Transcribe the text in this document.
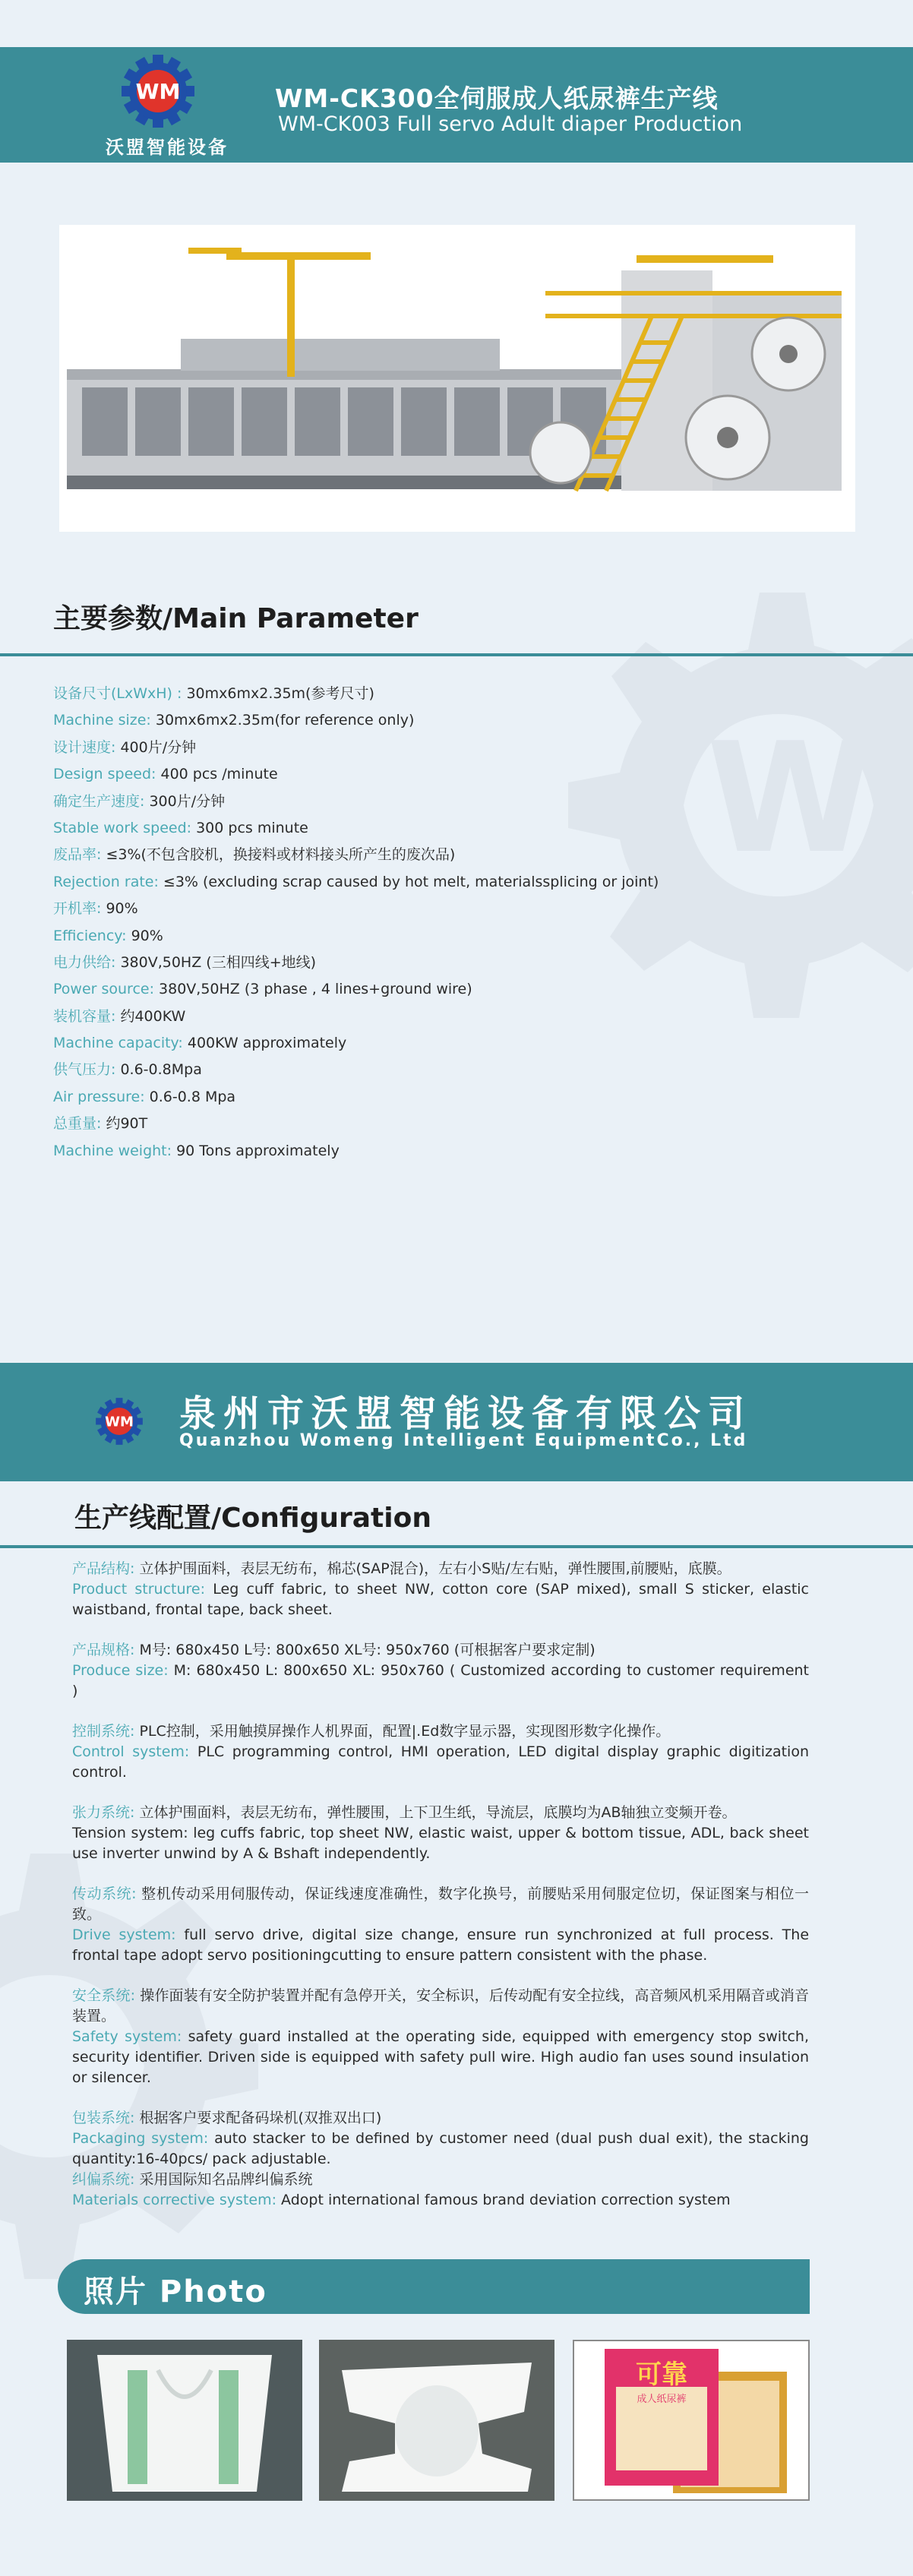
W
WM
沃盟智能设备
WM-CK300全伺服成人纸尿裤生产线
WM-CK003 Full servo Adult diaper Production
主要参数/Main Parameter
设备尺寸(LxWxH) : 30mx6mx2.35m(参考尺寸)
Machine size: 30mx6mx2.35m(for reference only)
设计速度: 400片/分钟
Design speed: 400 pcs /minute
确定生产速度: 300片/分钟
Stable work speed: 300 pcs minute
废品率: ≤3%(不包含胶机，换接料或材料接头所产生的废次品)
Rejection rate: ≤3% (excluding scrap caused by hot melt, materialssplicing or joint)
开机率: 90%
Efficiency: 90%
电力供给: 380V,50HZ (三相四线+地线)
Power source: 380V,50HZ (3 phase , 4 lines+ground wire)
装机容量: 约400KW
Machine capacity: 400KW approximately
供气压力: 0.6-0.8Mpa
Air pressure: 0.6-0.8 Mpa
总重量: 约90T
Machine weight: 90 Tons approximately
WM 泉州市沃盟智能设备有限公司
Quanzhou Womeng Intelligent EquipmentCo., Ltd
生产线配置/Configuration
产品结构: 立体护围面料，表层无纺布，棉芯(SAP混合)，左右小S贴/左右贴，弹性腰围,前腰贴，底膜。
Product structure: Leg cuff fabric, to sheet NW, cotton core (SAP mixed), small S sticker, elastic waistband, frontal tape, back sheet.
产品规格: M号: 680x450 L号: 800x650 XL号: 950x760 (可根据客户要求定制)
Produce size: M: 680x450 L: 800x650 XL: 950x760 ( Customized according to customer requirement )
控制系统: PLC控制，采用触摸屏操作人机界面，配置|.Ed数字显示器，实现图形数字化操作。
Control system: PLC programming control, HMI operation, LED digital display graphic digitization control.
张力系统: 立体护围面料，表层无纺布，弹性腰围，上下卫生纸，导流层，底膜均为AB轴独立变频开卷。
Tension system: leg cuffs fabric, top sheet NW, elastic waist, upper & bottom tissue, ADL, back sheet use inverter unwind by A & Bshaft independently.
传动系统: 整机传动采用伺服传动，保证线速度准确性，数字化换号，前腰贴采用伺服定位切，保证图案与相位一致。
Drive system: full servo drive, digital size change, ensure run synchronized at full process. The frontal tape adopt servo positioningcutting to ensure pattern consistent with the phase.
安全系统: 操作面装有安全防护装置并配有急停开关，安全标识，后传动配有安全拉线，高音频风机采用隔音或消音装置。
Safety system: safety guard installed at the operating side, equipped with emergency stop switch, security identifier. Driven side is equipped with safety pull wire. High audio fan uses sound insulation or silencer.
包装系统: 根据客户要求配备码垛机(双推双出口)
Packaging system: auto stacker to be defined by customer need (dual push dual exit), the stacking quantity:16-40pcs/ pack adjustable.
纠偏系统: 采用国际知名品牌纠偏系统
Materials corrective system: Adopt international famous brand deviation correction system
照片 Photo
可靠
成人纸尿裤
